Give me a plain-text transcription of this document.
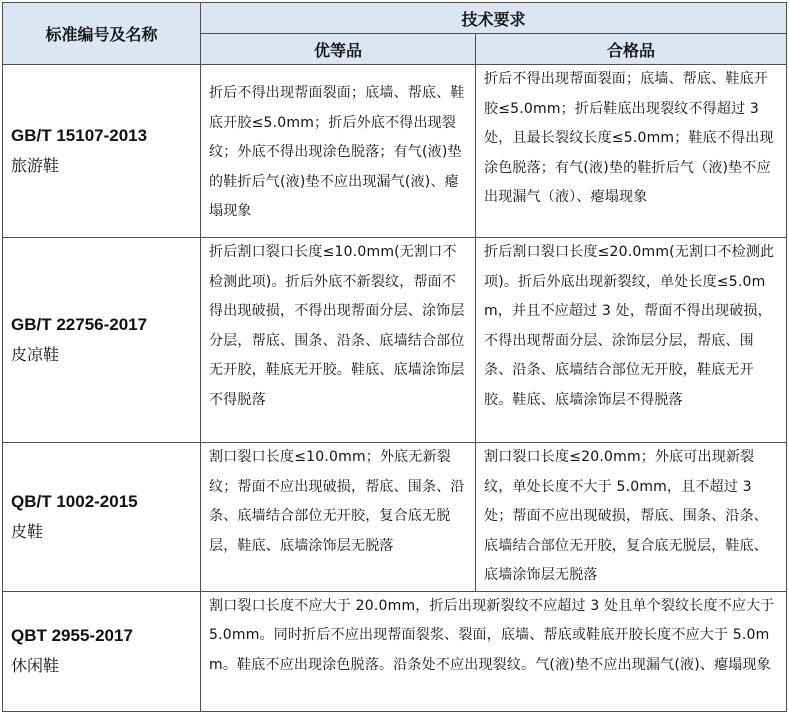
标准编号及名称	技术要求	
	优等品	合格品

GB/T 15107-2013
旅游鞋	折后不得出现帮面裂面；底墙、帮底、鞋底开胶≤5.0mm；折后外底不得出现裂纹；外底不得出现涂色脱落；有气(液)垫的鞋折后气(液)垫不应出现漏气(液)、瘪塌现象	折后不得出现帮面裂面；底墙、帮底、鞋底开胶≤5.0mm；折后鞋底出现裂纹不得超过 3 处，且最长裂纹长度≤5.0mm；鞋底不得出现涂色脱落；有气(液)垫的鞋折后气（液)垫不应出现漏气（液）、瘪塌现象

GB/T 22756-2017
皮凉鞋	折后割口裂口长度≤10.0mm(无割口不检测此项)。折后外底不新裂纹，帮面不得出现破损，不得出现帮面分层、涂饰层分层，帮底、围条、沿条、底墙结合部位无开胶，鞋底无开胶。鞋底、底墙涂饰层不得脱落	折后割口裂口长度≤20.0mm(无割口不检测此项)。折后外底出现新裂纹，单处长度≤5.0mm，并且不应超过 3 处，帮面不得出现破损，不得出现帮面分层、涂饰层分层，帮底、围条、沿条、底墙结合部位无开胶，鞋底无开胶。鞋底、底墙涂饰层不得脱落

QB/T 1002-2015
皮鞋	割口裂口长度≤10.0mm；外底无新裂纹；帮面不应出现破损，帮底、围条、沿条、底墙结合部位无开胶，复合底无脱层，鞋底、底墙涂饰层无脱落	割口裂口长度≤20.0mm；外底可出现新裂纹，单处长度不大于 5.0mm，且不超过 3处；帮面不应出现破损，帮底、围条、沿条、底墙结合部位无开胶，复合底无脱层，鞋底、底墙涂饰层无脱落

QBT 2955-2017
休闲鞋	割口裂口长度不应大于 20.0mm，折后出现新裂纹不应超过 3 处且单个裂纹长度不应大于 5.0mm。同时折后不应出现帮面裂浆、裂面，底墙、帮底或鞋底开胶长度不应大于 5.0mm。鞋底不应出现涂色脱落。沿条处不应出现裂纹。气(液)垫不应出现漏气(液)、瘪塌现象	
